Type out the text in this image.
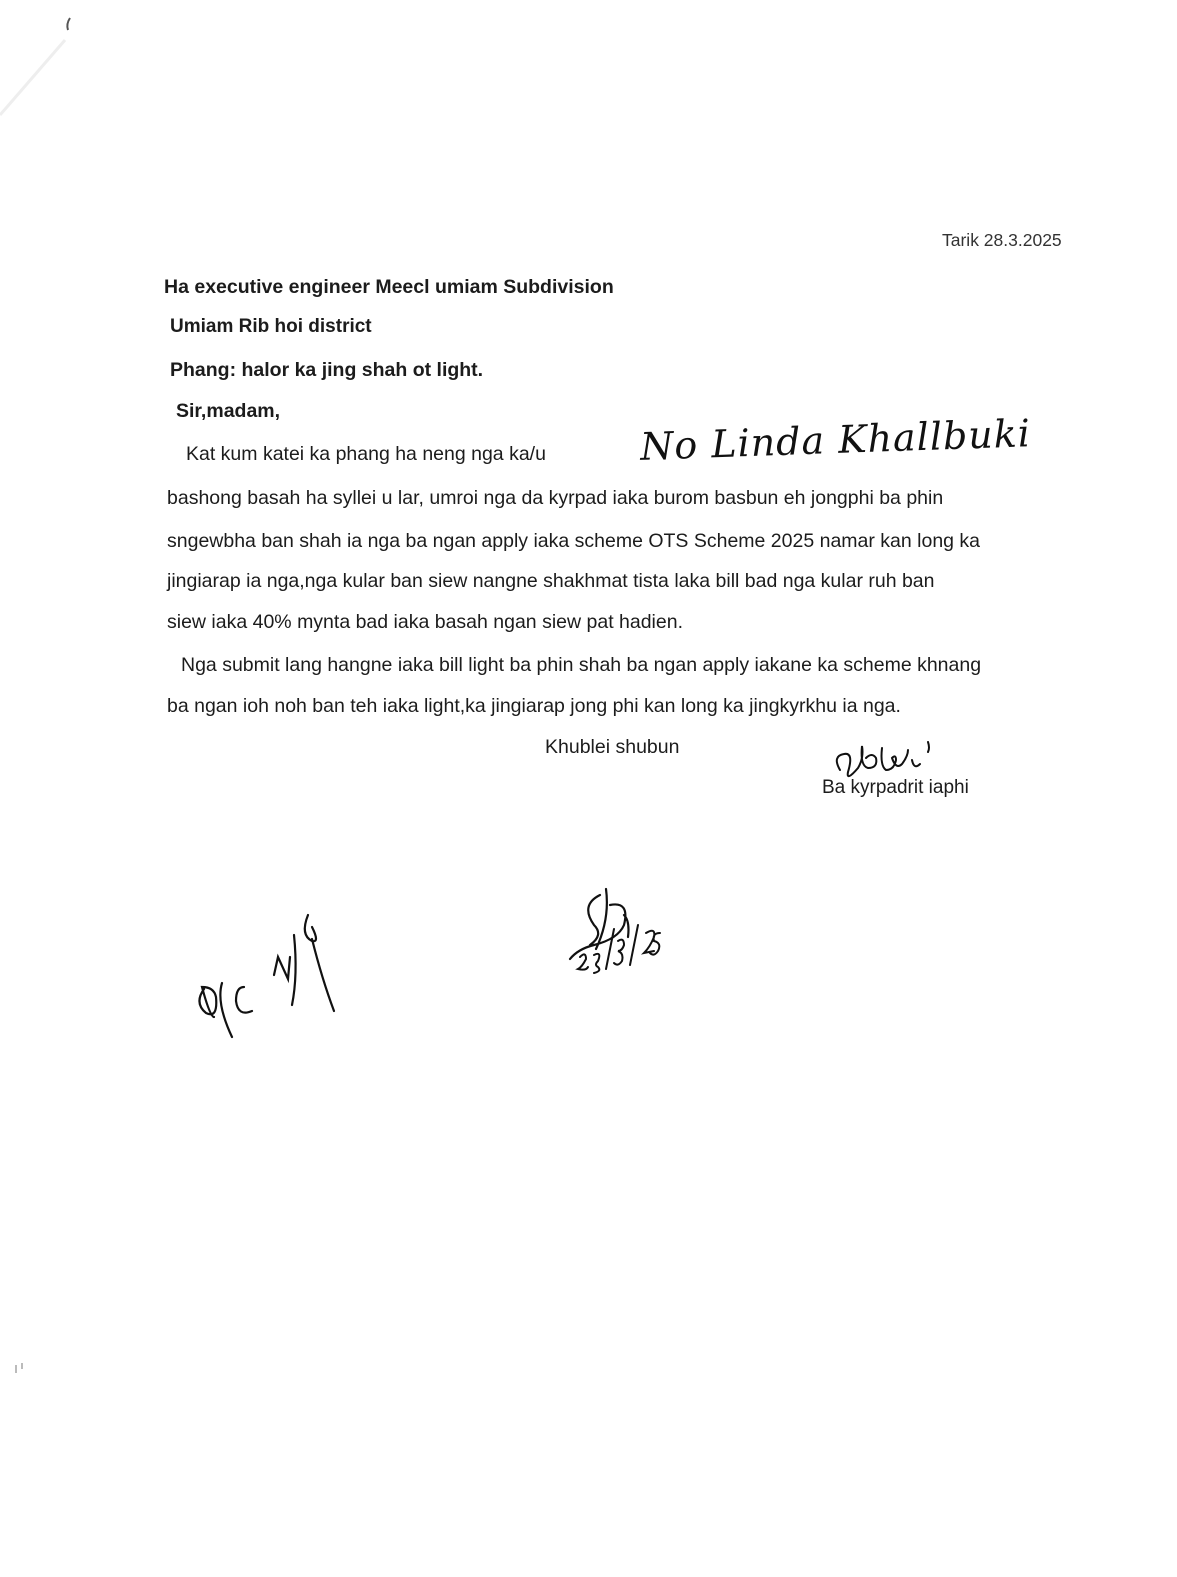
Tarik 28.3.2025
Ha executive engineer Meecl umiam Subdivision
Umiam Rib hoi district
Phang: halor ka jing shah ot light.
Sir,madam,
Kat kum katei ka phang ha neng nga ka/u No Linda Khallbuki
bashong basah ha syllei u lar, umroi nga da kyrpad iaka burom basbun eh jongphi ba phin
sngewbha ban shah ia nga ba ngan apply iaka scheme OTS Scheme 2025 namar kan long ka
jingiarap ia nga,nga kular ban siew nangne shakhmat tista laka bill bad nga kular ruh ban
siew iaka 40% mynta bad iaka basah ngan siew pat hadien.
Nga submit lang hangne iaka bill light ba phin shah ba ngan apply iakane ka scheme khnang
ba ngan ioh noh ban teh iaka light,ka jingiarap jong phi kan long ka jingkyrkhu ia nga.
Khublei shubun
Ba kyrpadrit iaphi
